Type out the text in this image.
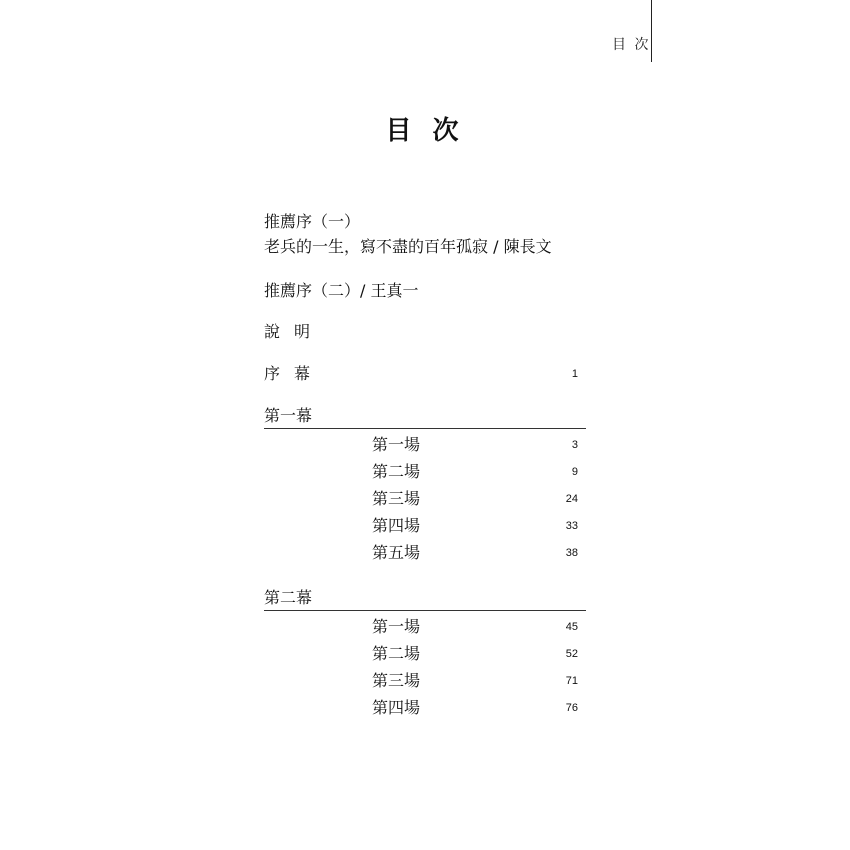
目 次
目 次
推薦序（一）
老兵的一生，寫不盡的百年孤寂 / 陳長文
推薦序（二）/ 王真一
說明
序幕	1
第一幕
第一場	3
第二場	9
第三場	24
第四場	33
第五場	38
第二幕
第一場	45
第二場	52
第三場	71
第四場	76
